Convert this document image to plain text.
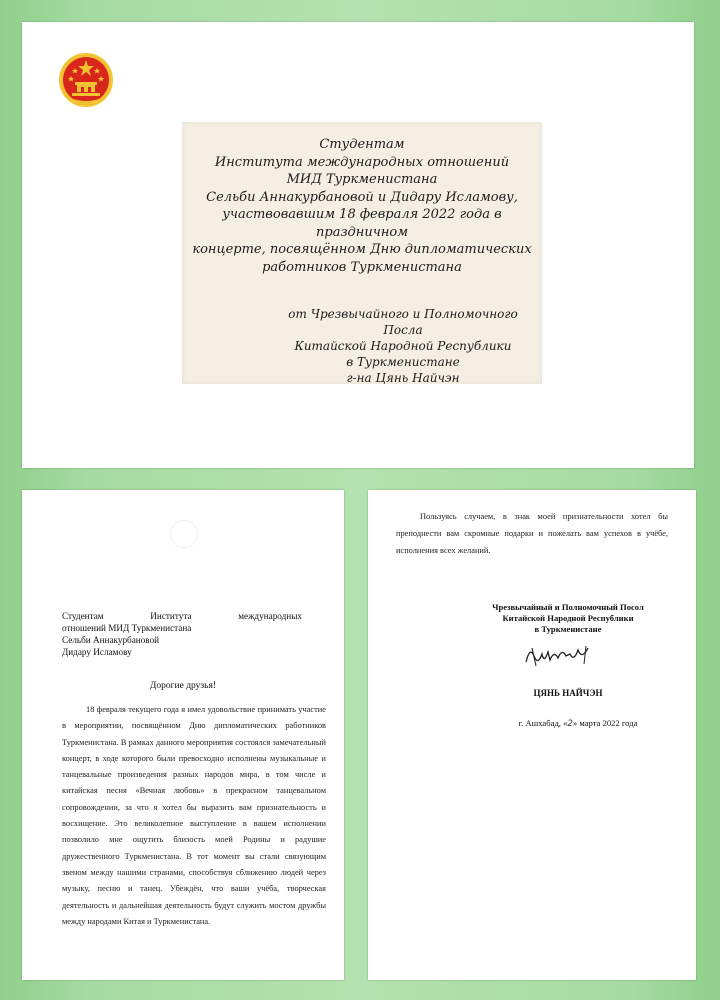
Студентам
Института международных отношений
МИД Туркменистана
Сельби Аннакурбановой и Дидару Исламову,
участвовавшим 18 февраля 2022 года в праздничном
концерте, посвящённом Дню дипломатических
работников Туркменистана
от Чрезвычайного и Полномочного Посла
Китайской Народной Республики
в Туркменистане
г-на Цянь Найчэн
Студентам	Института	международных
отношений МИД Туркменистана
Сельби Аннакурбановой
Дидару Исламову
Дорогие друзья!
18 февраля текущего года я имел удовольствие принимать участие в мероприятии, посвящённом Дню дипломатических работников Туркменистана. В рамках данного мероприятия состоялся замечательный концерт, в ходе которого были превосходно исполнены музыкальные и танцевальные произведения разных народов мира, в том числе и китайская песня «Вечная любовь» в прекрасном танцевальном сопровождении, за что я хотел бы выразить вам признательность и восхищение. Это великолепное выступление в вашем исполнении позволило мне ощутить близость моей Родины и радушие дружественного Туркменистана. В тот момент вы стали связующим звеном между нашими странами, способствуя сближению людей через музыку, песню и танец. Убеждён, что ваши учёба, творческая деятельность и дальнейшая деятельность будут служить мостом дружбы между народами Китая и Туркменистана.
Пользуясь случаем, в знак моей признательности хотел бы преподнести вам скромные подарки и пожелать вам успехов в учёбе, исполнения всех желаний.
Чрезвычайный и Полномочный Посол
Китайской Народной Республики
в Туркменистане
ЦЯНЬ НАЙЧЭН
г. Ашхабад, «2» марта 2022 года
